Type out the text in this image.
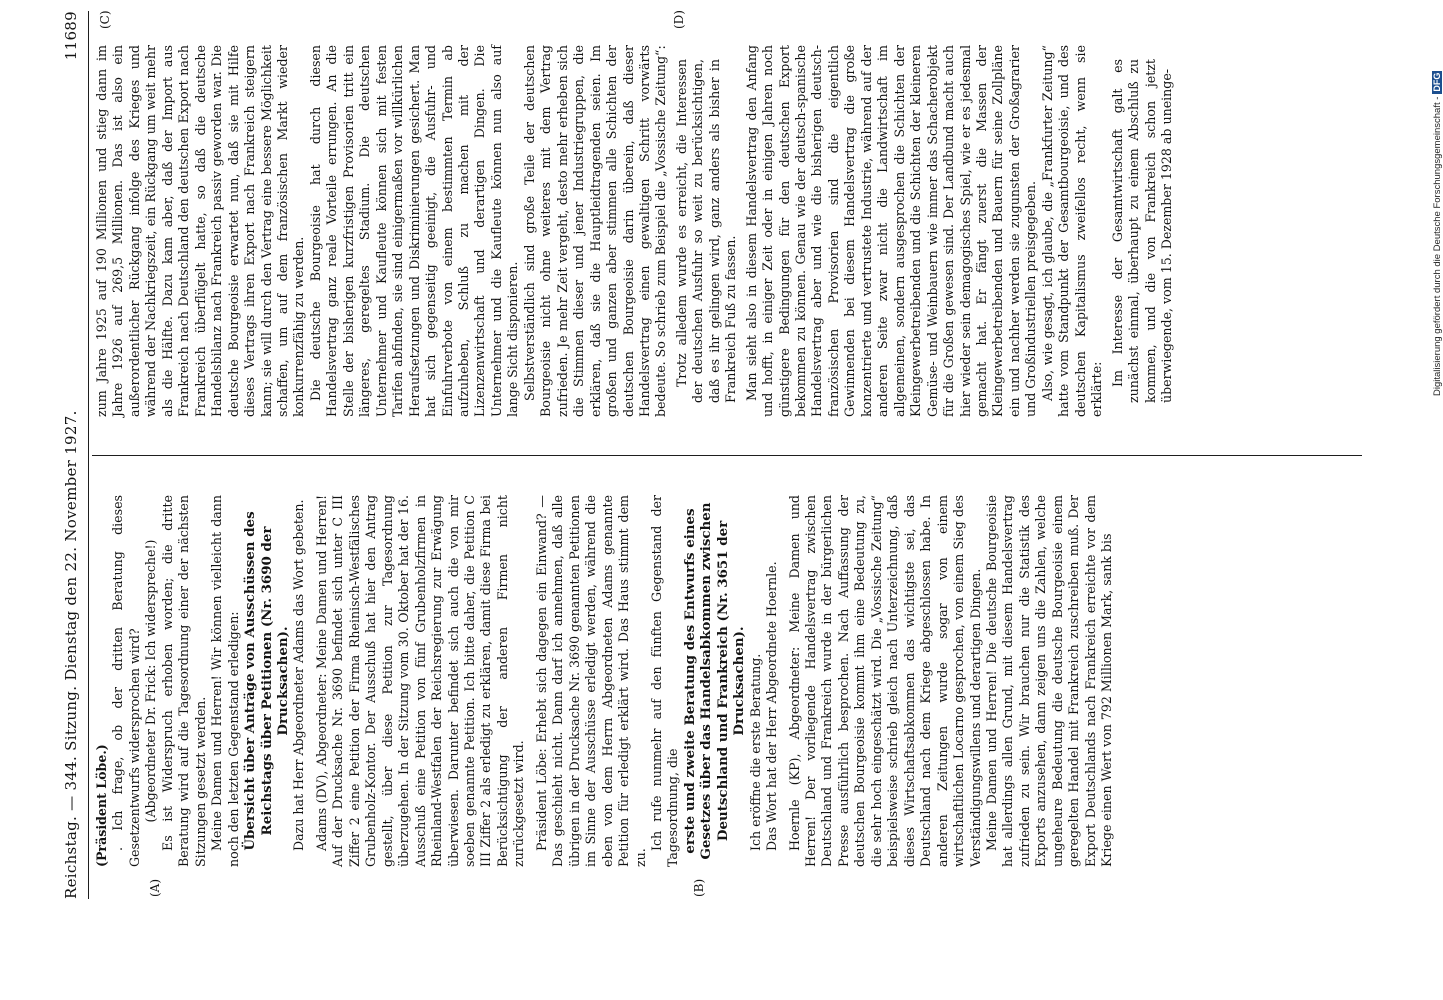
Reichstag. — 344. Sitzung. Dienstag den 22. November 1927.
11689
(A)	(B)
(C)	(D)

(Präsident Löbe.) . Ich frage, ob der dritten Beratung dieses Gesetzentwurfs widersprochen wird? (Abgeordneter Dr. Frick: Ich widerspreche!) Es ist Widerspruch erhoben worden; die dritte Beratung wird auf die Tagesordnung einer der nächsten Sitzungen gesetzt werden. Meine Damen und Herren! Wir können vielleicht dann noch den letzten Gegenstand erledigen: Übersicht über Anträge von Ausschüssen des Reichstags über Petitionen (Nr. 3690 der Drucksachen). Dazu hat Herr Abgeordneter Adams das Wort gebeten. Adams (DV), Abgeordneter: Meine Damen und Herren! Auf der Drucksache Nr. 3690 befindet sich unter C III Ziffer 2 eine Petition der Firma Rheinisch-Westfälisches Grubenholz-Kontor. Der Ausschuß hat hier den Antrag gestellt, über diese Petition zur Tagesordnung überzugehen. In der Sitzung vom 30. Oktober hat der 16. Ausschuß eine Petition von fünf Grubenholzfirmen in Rheinland-Westfalen der Reichsregierung zur Erwägung überwiesen. Darunter befindet sich auch die von mir soeben genannte Petition. Ich bitte daher, die Petition C III Ziffer 2 als erledigt zu erklären, damit diese Firma bei Berücksichtigung der anderen Firmen nicht zurückgesetzt wird. Präsident Löbe: Erhebt sich dagegen ein Einwand? — Das geschieht nicht. Dann darf ich annehmen, daß alle übrigen in der Drucksache Nr. 3690 genannten Petitionen im Sinne der Ausschüsse erledigt werden, während die eben von dem Herrn Abgeordneten Adams genannte Petition für erledigt erklärt wird. Das Haus stimmt dem zu.

Ich rufe nunmehr auf den fünften Gegenstand der Tagesordnung, die erste und zweite Beratung des Entwurfs eines Gesetzes über das Handelsabkommen zwischen Deutschland und Frankreich (Nr. 3651 der Drucksachen). Ich eröffne die erste Beratung. Das Wort hat der Herr Abgeordnete Hoernle. Hoernle (KP), Abgeordneter: Meine Damen und Herren! Der vorliegende Handelsvertrag zwischen Deutschland und Frankreich wurde in der bürgerlichen Presse ausführlich besprochen. Nach Auffassung der deutschen Bourgeoisie kommt ihm eine Bedeutung zu, die sehr hoch eingeschätzt wird. Die „Vossische Zeitung“ beispielsweise schrieb gleich nach Unterzeichnung, daß dieses Wirtschaftsabkommen das wichtigste sei, das Deutschland nach dem Kriege abgeschlossen habe. In anderen Zeitungen wurde sogar von einem wirtschaftlichen Locarno gesprochen, von einem Sieg des Verständigungswillens und derartigen Dingen. Meine Damen und Herren! Die deutsche Bourgeoisie hat allerdings allen Grund, mit diesem Handelsvertrag zufrieden zu sein. Wir brauchen nur die Statistik des Exports anzusehen, dann zeigen uns die Zahlen, welche ungeheure Bedeutung die deutsche Bourgeoisie einem geregelten Handel mit Frankreich zuschreiben muß. Der Export Deutschlands nach Frankreich erreichte vor dem Kriege einen Wert von 792 Millionen Mark, sank bis

zum Jahre 1925 auf 190 Millionen und stieg dann im Jahre 1926 auf 269,5 Millionen. Das ist also ein außerordentlicher Rückgang infolge des Krieges und während der Nachkriegszeit, ein Rückgang um weit mehr als die Hälfte. Dazu kam aber, daß der Import aus Frankreich nach Deutschland den deutschen Export nach Frankreich überflügelt hatte, so daß die deutsche Handelsbilanz nach Frankreich passiv geworden war. Die deutsche Bourgeoisie erwartet nun, daß sie mit Hilfe dieses Vertrags ihren Export nach Frankreich steigern kann; sie will durch den Vertrag eine bessere Möglichkeit schaffen, um auf dem französischen Markt wieder konkurrenzfähig zu werden. Die deutsche Bourgeoisie hat durch diesen Handelsvertrag ganz reale Vorteile errungen. An die Stelle der bisherigen kurzfristigen Provisorien tritt ein längeres, geregeltes Stadium. Die deutschen Unternehmer und Kaufleute können sich mit festen Tarifen abfinden, sie sind einigermaßen vor willkürlichen Heraufsetzungen und Diskriminierungen gesichert. Man hat sich gegenseitig geeinigt, die Ausfuhr- und Einfuhrverbote von einem bestimmten Termin ab aufzuheben, Schluß zu machen mit der Lizenzenwirtschaft und derartigen Dingen. Die Unternehmer und die Kaufleute können nun also auf lange Sicht disponieren. Selbstverständlich sind große Teile der deutschen Bourgeoisie nicht ohne weiteres mit dem Vertrag zufrieden. Je mehr Zeit vergeht, desto mehr erheben sich die Stimmen dieser und jener Industriegruppen, die erklären, daß sie die Hauptleidtragenden seien. Im großen und ganzen aber stimmen alle Schichten der deutschen Bourgeoisie darin überein, daß dieser Handelsvertrag einen gewaltigen Schritt vorwärts bedeute. So schrieb zum Beispiel die „Vossische Zeitung“: Trotz alledem wurde es erreicht, die Interessen der deutschen Ausfuhr so weit zu berücksichtigen, daß es ihr gelingen wird, ganz anders als bisher in Frankreich Fuß zu fassen. Man sieht also in diesem Handelsvertrag den Anfang und hofft, in einiger Zeit oder in einigen Jahren noch günstigere Bedingungen für den deutschen Export bekommen zu können. Genau wie der deutsch-spanische Handelsvertrag aber und wie die bisherigen deutsch-französischen Provisorien sind die eigentlich Gewinnenden bei diesem Handelsvertrag die große konzentrierte und vertrustete Industrie, während auf der anderen Seite zwar nicht die Landwirtschaft im allgemeinen, sondern ausgesprochen die Schichten der Kleingewerbetreibenden und die Schichten der kleineren Gemüse- und Weinbauern wie immer das Schacherobjekt für die Großen gewesen sind. Der Landbund macht auch hier wieder sein demagogisches Spiel, wie er es jedesmal gemacht hat. Er fängt zuerst die Massen der Kleingewerbetreibenden und Bauern für seine Zollpläne ein und nachher werden sie zugunsten der Großagrarier und Großindustriellen preisgegeben. Also, wie gesagt, ich glaube, die „Frankfurter Zeitung“ hatte vom Standpunkt der Gesamtbourgeoisie, und des deutschen Kapitalismus zweifellos recht, wenn sie erklärte:

Im Interesse der Gesamtwirtschaft galt es zunächst einmal, überhaupt zu einem Abschluß zu kommen, und die von Frankreich schon jetzt überwiegende, vom 15. Dezember 1928 ab uneinge-	Digitalisierung gefördert durch die Deutsche Forschungsgemeinschaft -DFG
